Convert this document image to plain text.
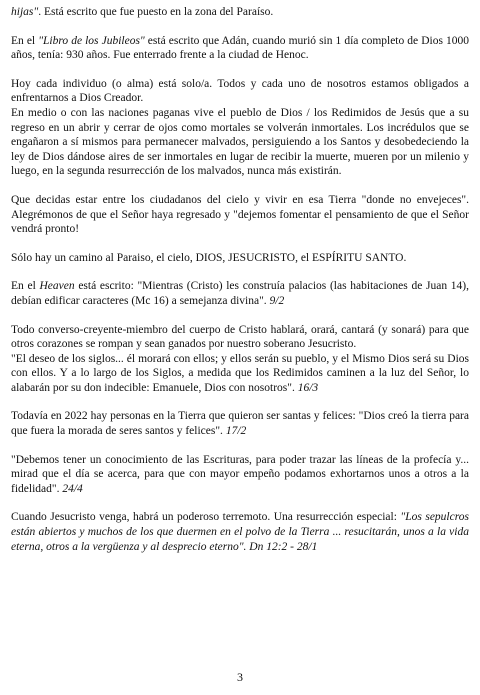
hijas". Está escrito que fue puesto en la zona del Paraíso.

En el "Libro de los Jubileos" está escrito que Adán, cuando murió sin 1 día completo de Dios 1000 años, tenía: 930 años. Fue enterrado frente a la ciudad de Henoc.

Hoy cada individuo (o alma) está solo/a. Todos y cada uno de nosotros estamos obligados a enfrentarnos a Dios Creador.

En medio o con las naciones paganas vive el pueblo de Dios / los Redimidos de Jesús que a su regreso en un abrir y cerrar de ojos como mortales se volverán inmortales. Los incrédulos que se engañaron a sí mismos para permanecer malvados, persiguiendo a los Santos y desobedeciendo la ley de Dios dándose aires de ser inmortales en lugar de recibir la muerte, mueren por un milenio y luego, en la segunda resurrección de los malvados, nunca más existirán.

Que decidas estar entre los ciudadanos del cielo y vivir en esa Tierra "donde no envejeces". Alegrémonos de que el Señor haya regresado y "dejemos fomentar el pensamiento de que el Señor vendrá pronto!

Sólo hay un camino al Paraiso, el cielo, DIOS, JESUCRISTO, el ESPÍRITU SANTO.

En el Heaven está escrito: "Mientras (Cristo) les construía palacios (las habitaciones de Juan 14), debían edificar caracteres (Mc 16) a semejanza divina". 9/2

Todo converso-creyente-miembro del cuerpo de Cristo hablará, orará, cantará (y sonará) para que otros corazones se rompan y sean ganados por nuestro soberano Jesucristo.

"El deseo de los siglos... él morará con ellos; y ellos serán su pueblo, y el Mismo Dios será su Dios con ellos. Y a lo largo de los Siglos, a medida que los Redimidos caminen a la luz del Señor, lo alabarán por su don indecible: Emanuele, Dios con nosotros". 16/3

Todavía en 2022 hay personas en la Tierra que quieron ser santas y felices: "Dios creó la tierra para que fuera la morada de seres santos y felices". 17/2

"Debemos tener un conocimiento de las Escrituras, para poder trazar las líneas de la profecía y... mirad que el día se acerca, para que con mayor empeño podamos exhortarnos unos a otros a la fidelidad". 24/4

Cuando Jesucristo venga, habrá un poderoso terremoto. Una resurrección especial: "Los sepulcros están abiertos y muchos de los que duermen en el polvo de la Tierra ... resucitarán, unos a la vida eterna, otros a la vergüenza y al desprecio eterno". Dn 12:2 - 28/1

3
